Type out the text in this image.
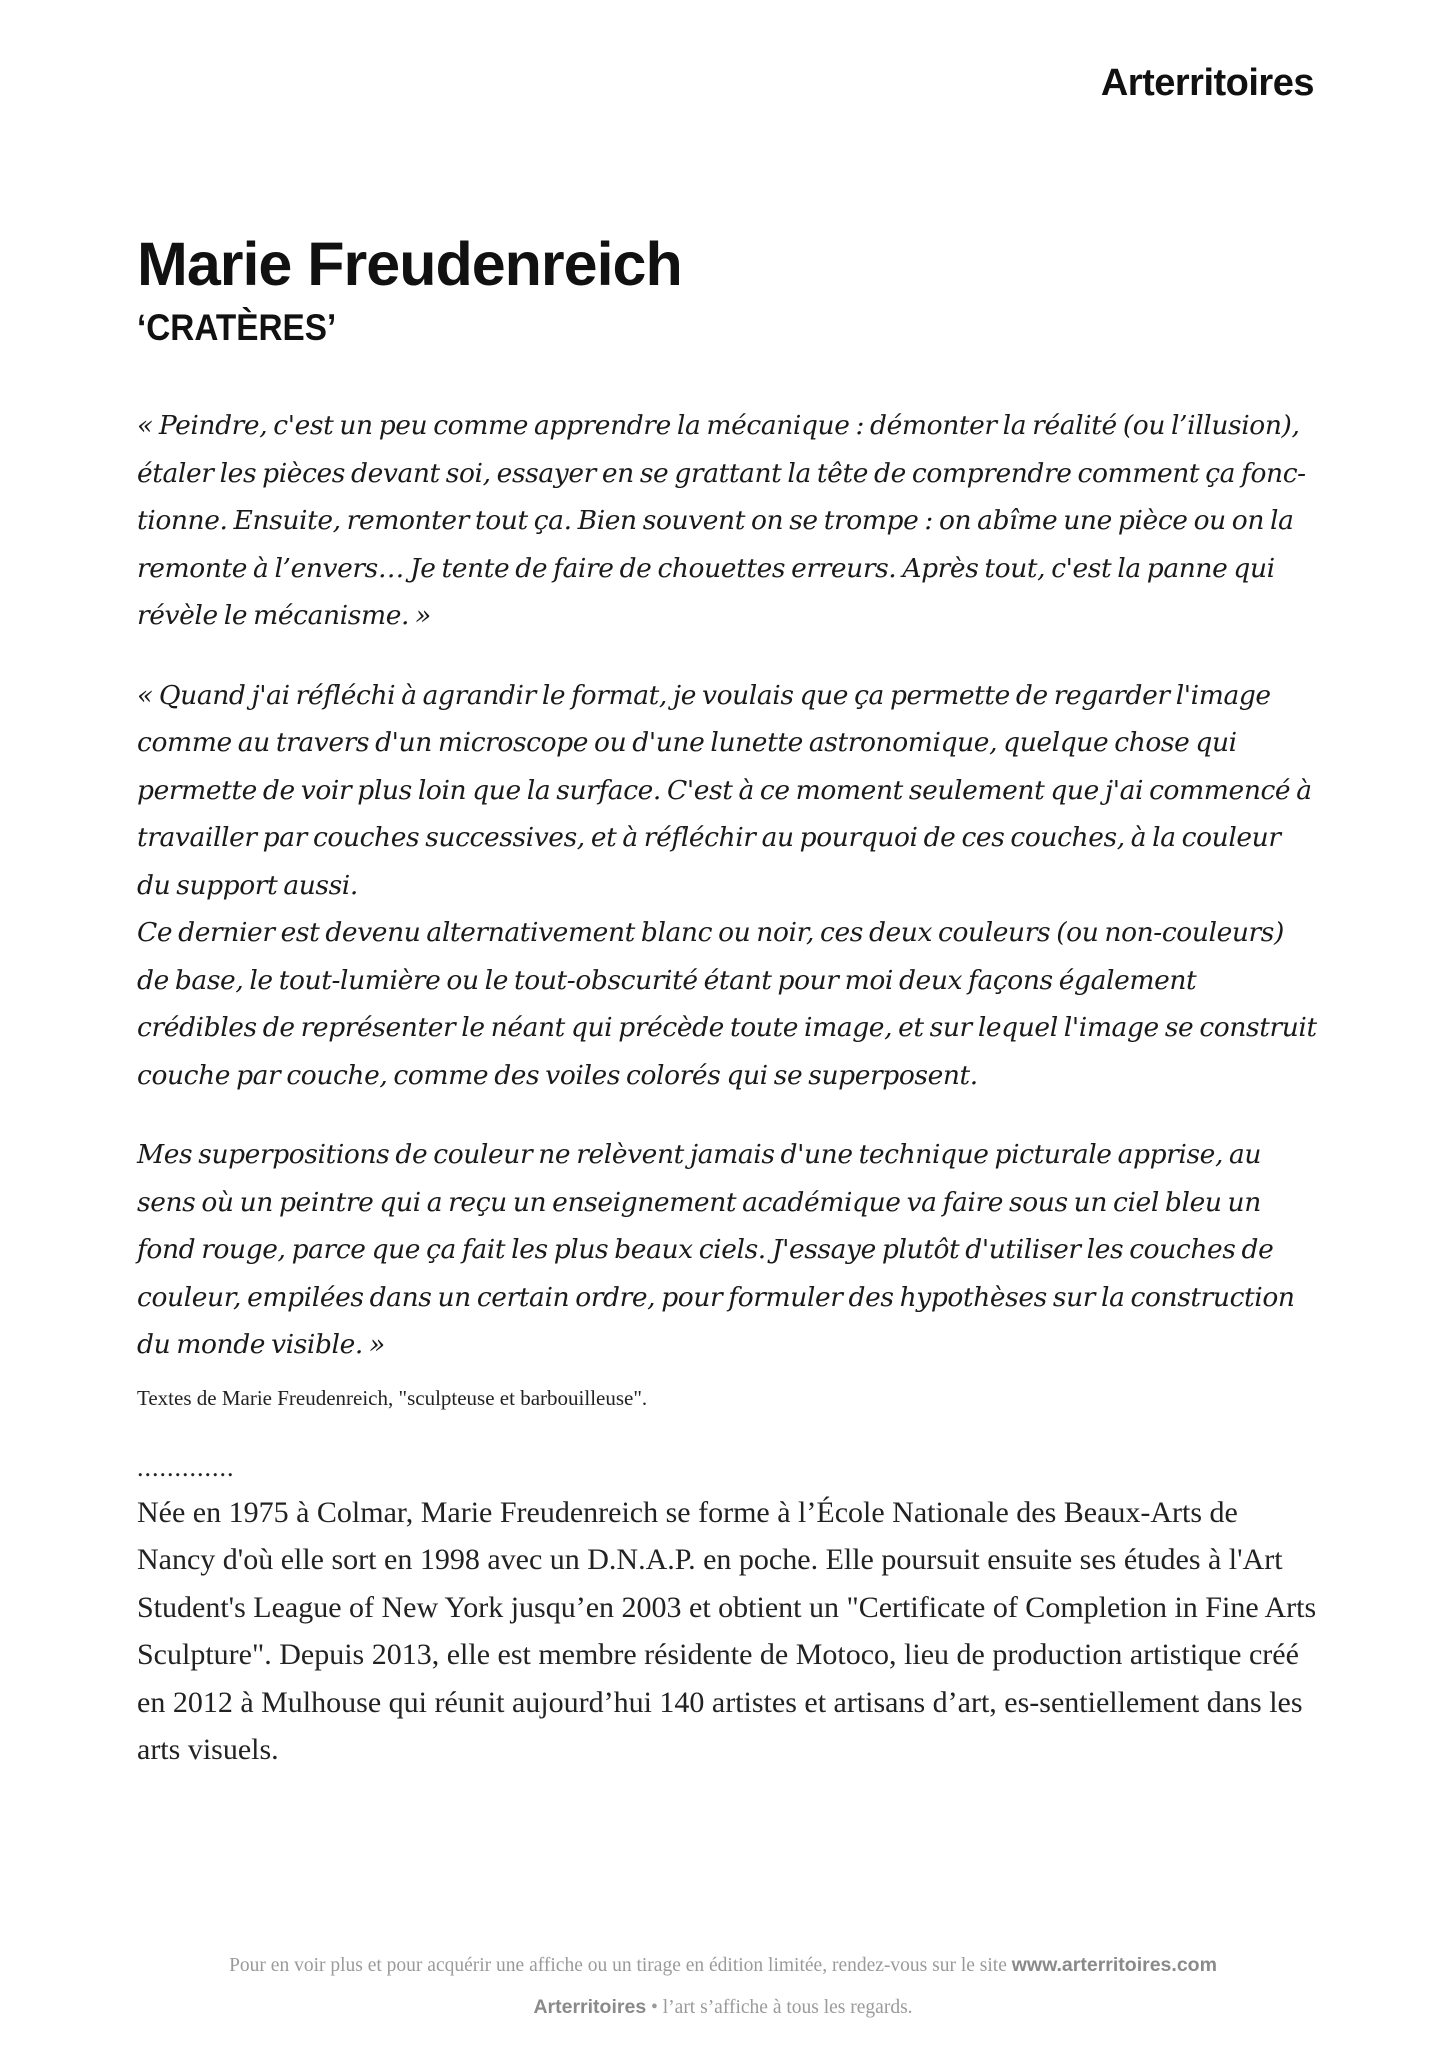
Arterritoires
Marie Freudenreich
‘CRATÈRES’

« Peindre, c'est un peu comme apprendre la mécanique : démonter la réalité (ou l’illusion), étaler les pièces devant soi, essayer en se grattant la tête de comprendre comment ça fonc-tionne. Ensuite, remonter tout ça. Bien souvent on se trompe : on abîme une pièce ou on la remonte à l’envers… Je tente de faire de chouettes erreurs. Après tout, c'est la panne qui révèle le mécanisme. »

« Quand j'ai réfléchi à agrandir le format, je voulais que ça permette de regarder l'image comme au travers d'un microscope ou d'une lunette astronomique, quelque chose qui permette de voir plus loin que la surface. C'est à ce moment seulement que j'ai commencé à travailler par couches successives, et à réfléchir au pourquoi de ces couches, à la couleur du support aussi.

Ce dernier est devenu alternativement blanc ou noir, ces deux couleurs (ou non-couleurs) de base, le tout-lumière ou le tout-obscurité étant pour moi deux façons également crédibles de représenter le néant qui précède toute image, et sur lequel l'image se construit couche par couche, comme des voiles colorés qui se superposent.

Mes superpositions de couleur ne relèvent jamais d'une technique picturale apprise, au sens où un peintre qui a reçu un enseignement académique va faire sous un ciel bleu un fond rouge, parce que ça fait les plus beaux ciels. J'essaye plutôt d'utiliser les couches de couleur, empilées dans un certain ordre, pour formuler des hypothèses sur la construction du monde visible. »

Textes de Marie Freudenreich, "sculpteuse et barbouilleuse".

.............

Née en 1975 à Colmar, Marie Freudenreich se forme à l’École Nationale des Beaux-Arts de Nancy d'où elle sort en 1998 avec un D.N.A.P. en poche. Elle poursuit ensuite ses études à l'Art Student's League of New York jusqu’en 2003 et obtient un "Certificate of Completion in Fine Arts Sculpture". Depuis 2013, elle est membre résidente de Motoco, lieu de production artistique créé en 2012 à Mulhouse qui réunit aujourd’hui 140 artistes et artisans d’art, es-sentiellement dans les arts visuels.

Pour en voir plus et pour acquérir une affiche ou un tirage en édition limitée, rendez-vous sur le site www.arterritoires.com
Arterritoires • l’art s’affiche à tous les regards.
